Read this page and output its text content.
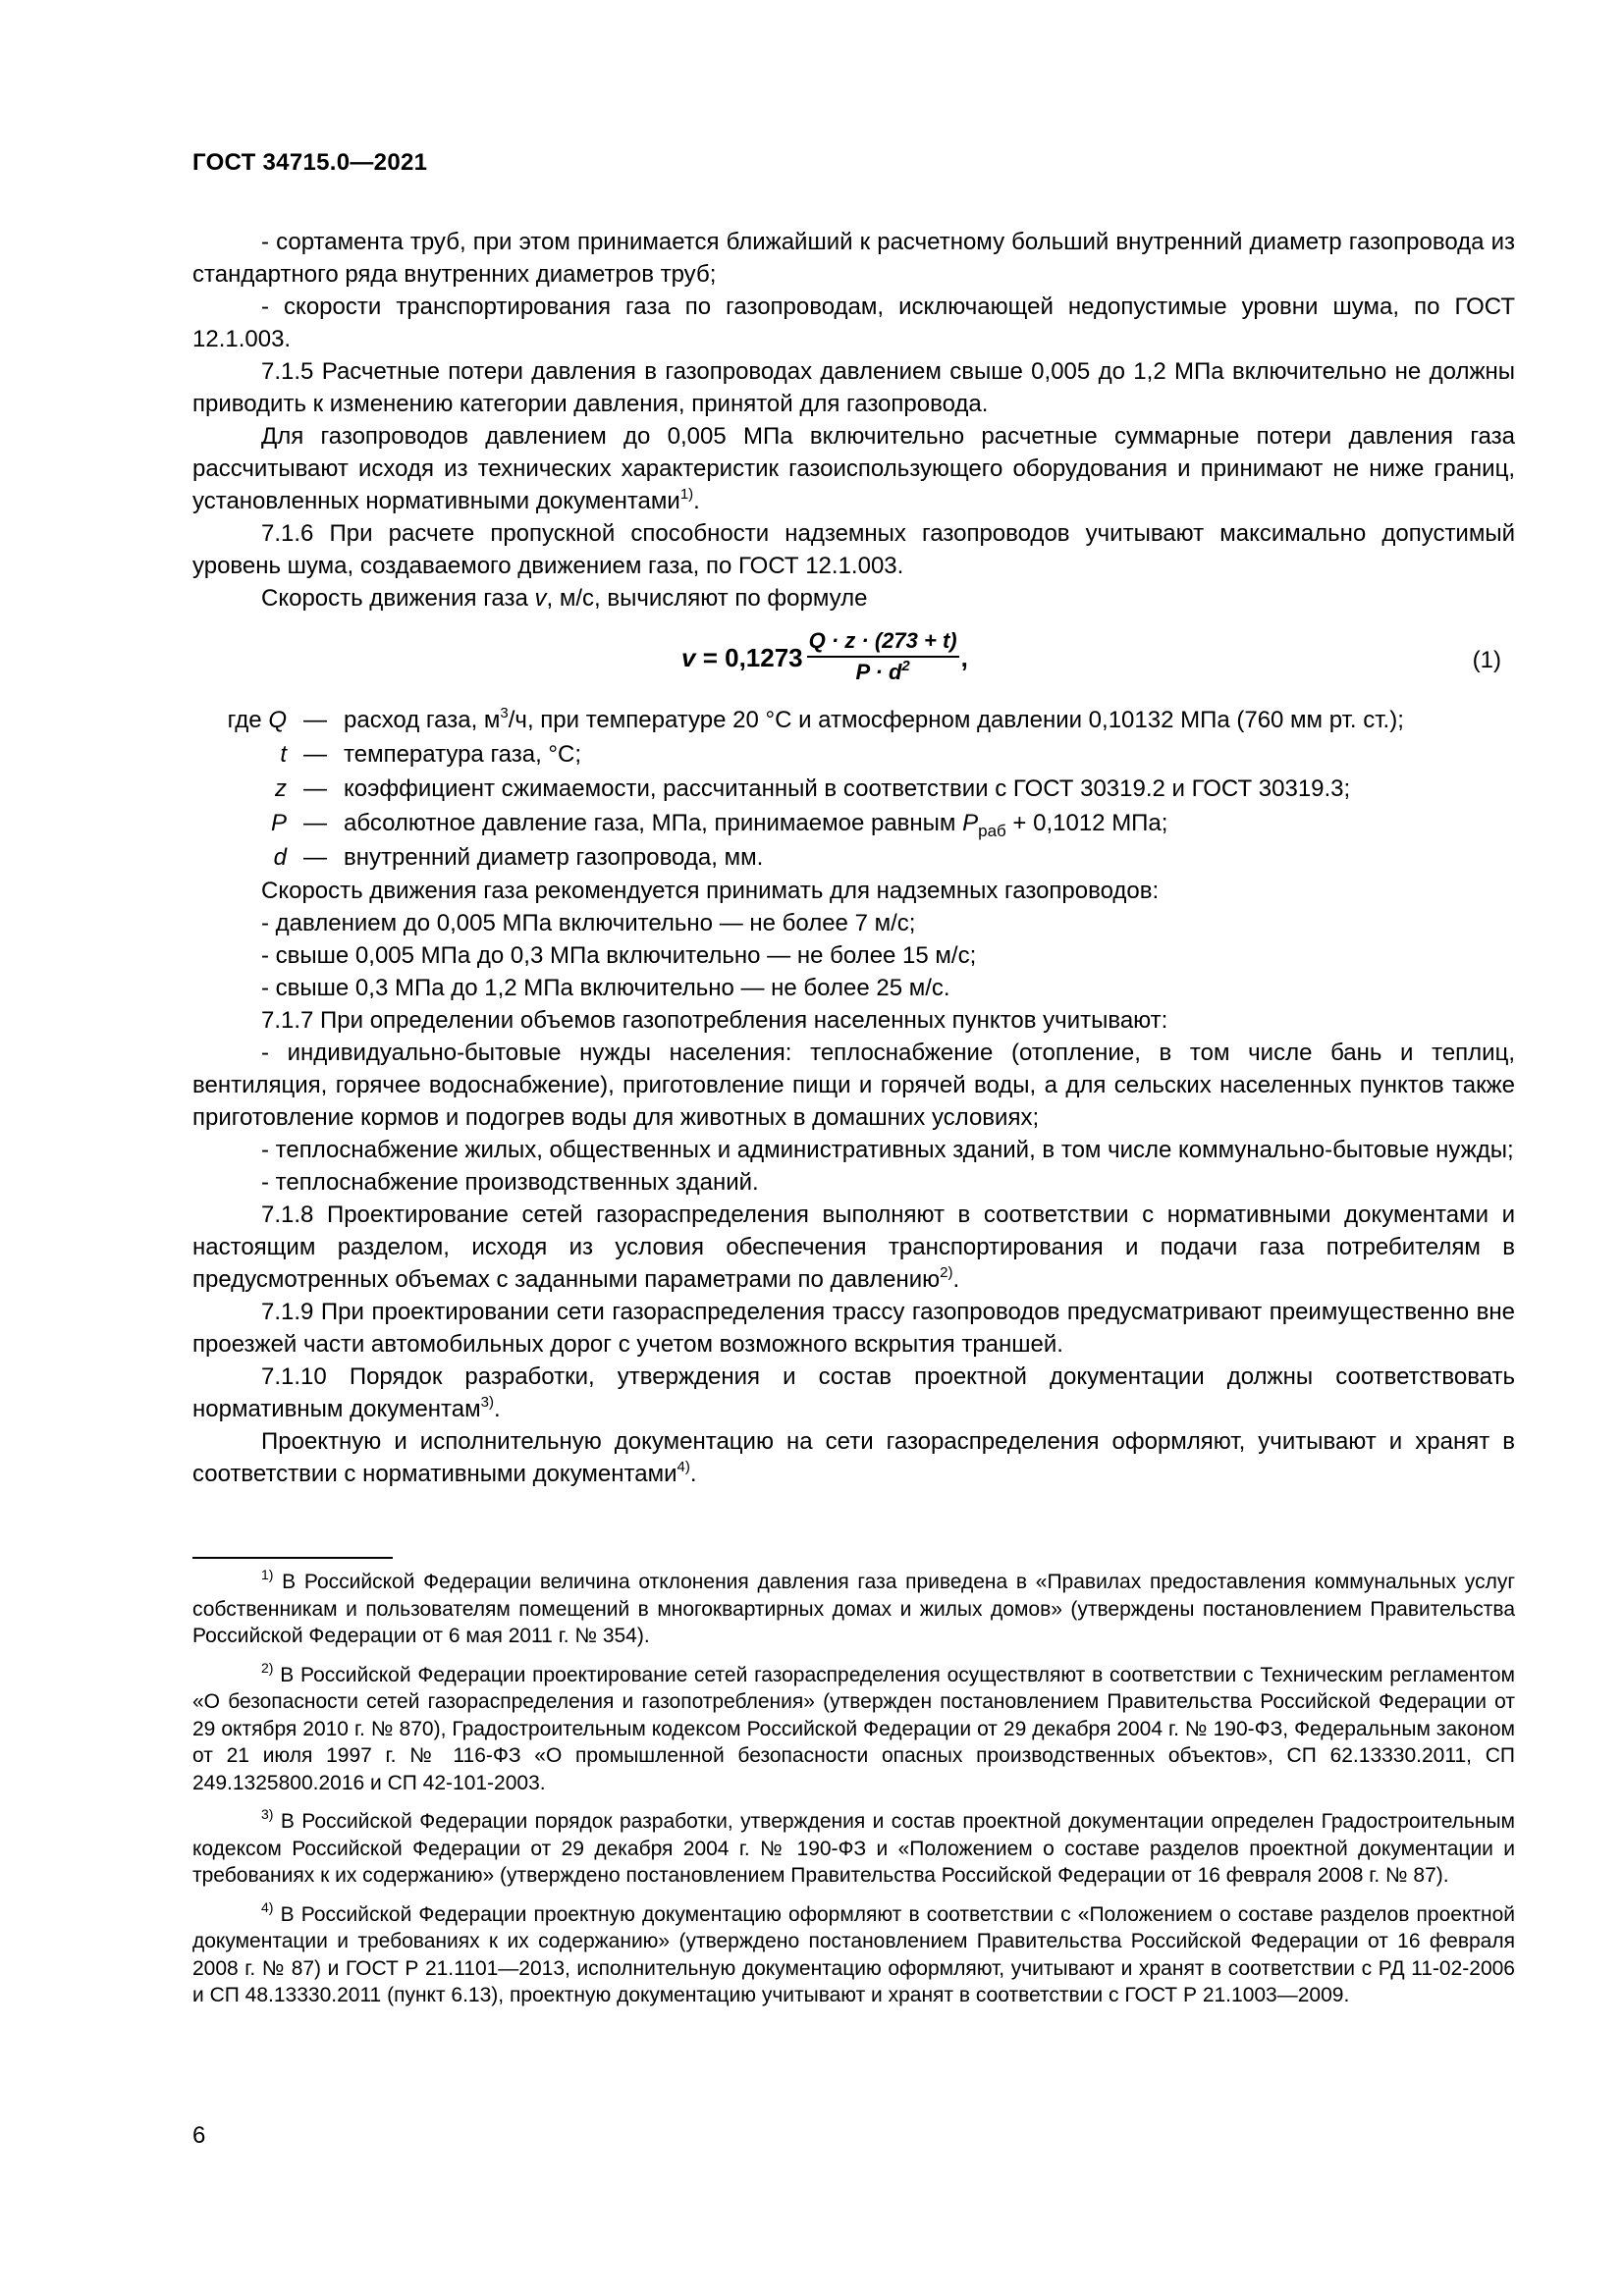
ГОСТ 34715.0—2021

- сортамента труб, при этом принимается ближайший к расчетному больший внутренний диаметр газопровода из стандартного ряда внутренних диаметров труб;

- скорости транспортирования газа по газопроводам, исключающей недопустимые уровни шума, по ГОСТ 12.1.003.

7.1.5 Расчетные потери давления в газопроводах давлением свыше 0,005 до 1,2 МПа включительно не должны приводить к изменению категории давления, принятой для газопровода.

Для газопроводов давлением до 0,005 МПа включительно расчетные суммарные потери давления газа рассчитывают исходя из технических характеристик газоиспользующего оборудования и принимают не ниже границ, установленных нормативными документами$^{1)}$.

7.1.6 При расчете пропускной способности надземных газопроводов учитывают максимально допустимый уровень шума, создаваемого движением газа, по ГОСТ 12.1.003.

Скорость движения газа v, м/с, вычисляют по формуле

$v = 0,1273 \frac{Q \cdot z \cdot (273 + t)}{P \cdot d^2}$ ,	(1)
где Q — расход газа, $м^3/ч$, при температуре 20 °С и атмосферном давлении 0,10132 МПа (760 мм рт. ст.);
t — температура газа, °С;
z — коэффициент сжимаемости, рассчитанный в соответствии с ГОСТ 30319.2 и ГОСТ 30319.3;
P — абсолютное давление газа, МПа, принимаемое равным $P_{раб} + 0,1012$ МПа;
d — внутренний диаметр газопровода, мм.

Скорость движения газа рекомендуется принимать для надземных газопроводов:

- давлением до 0,005 МПа включительно — не более 7 м/с;

- свыше 0,005 МПа до 0,3 МПа включительно — не более 15 м/с;

- свыше 0,3 МПа до 1,2 МПа включительно — не более 25 м/с.

7.1.7 При определении объемов газопотребления населенных пунктов учитывают:

- индивидуально-бытовые нужды населения: теплоснабжение (отопление, в том числе бань и теплиц, вентиляция, горячее водоснабжение), приготовление пищи и горячей воды, а для сельских населенных пунктов также приготовление кормов и подогрев воды для животных в домашних условиях;

- теплоснабжение жилых, общественных и административных зданий, в том числе коммунально-бытовые нужды;

- теплоснабжение производственных зданий.

7.1.8 Проектирование сетей газораспределения выполняют в соответствии с нормативными документами и настоящим разделом, исходя из условия обеспечения транспортирования и подачи газа потребителям в предусмотренных объемах с заданными параметрами по давлению$^{2)}$.

7.1.9 При проектировании сети газораспределения трассу газопроводов предусматривают преимущественно вне проезжей части автомобильных дорог с учетом возможного вскрытия траншей.

7.1.10 Порядок разработки, утверждения и состав проектной документации должны соответствовать нормативным документам$^{3)}$.

Проектную и исполнительную документацию на сети газораспределения оформляют, учитывают и хранят в соответствии с нормативными документами$^{4)}$.

$^{1)}$ В Российской Федерации величина отклонения давления газа приведена в «Правилах предоставления коммунальных услуг собственникам и пользователям помещений в многоквартирных домах и жилых домов» (утверждены постановлением Правительства Российской Федерации от 6 мая 2011 г. № 354).

$^{2)}$ В Российской Федерации проектирование сетей газораспределения осуществляют в соответствии с Техническим регламентом «О безопасности сетей газораспределения и газопотребления» (утвержден постановлением Правительства Российской Федерации от 29 октября 2010 г. № 870), Градостроительным кодексом Российской Федерации от 29 декабря 2004 г. № 190-ФЗ, Федеральным законом от 21 июля 1997 г. № 116-ФЗ «О промышленной безопасности опасных производственных объектов», СП 62.13330.2011, СП 249.1325800.2016 и СП 42-101-2003.

$^{3)}$ В Российской Федерации порядок разработки, утверждения и состав проектной документации определен Градостроительным кодексом Российской Федерации от 29 декабря 2004 г. № 190-ФЗ и «Положением о составе разделов проектной документации и требованиях к их содержанию» (утверждено постановлением Правительства Российской Федерации от 16 февраля 2008 г. № 87).

$^{4)}$ В Российской Федерации проектную документацию оформляют в соответствии с «Положением о составе разделов проектной документации и требованиях к их содержанию» (утверждено постановлением Правительства Российской Федерации от 16 февраля 2008 г. № 87) и ГОСТ Р 21.1101—2013, исполнительную документацию оформляют, учитывают и хранят в соответствии с РД 11-02-2006 и СП 48.13330.2011 (пункт 6.13), проектную документацию учитывают и хранят в соответствии с ГОСТ Р 21.1003—2009.

6
